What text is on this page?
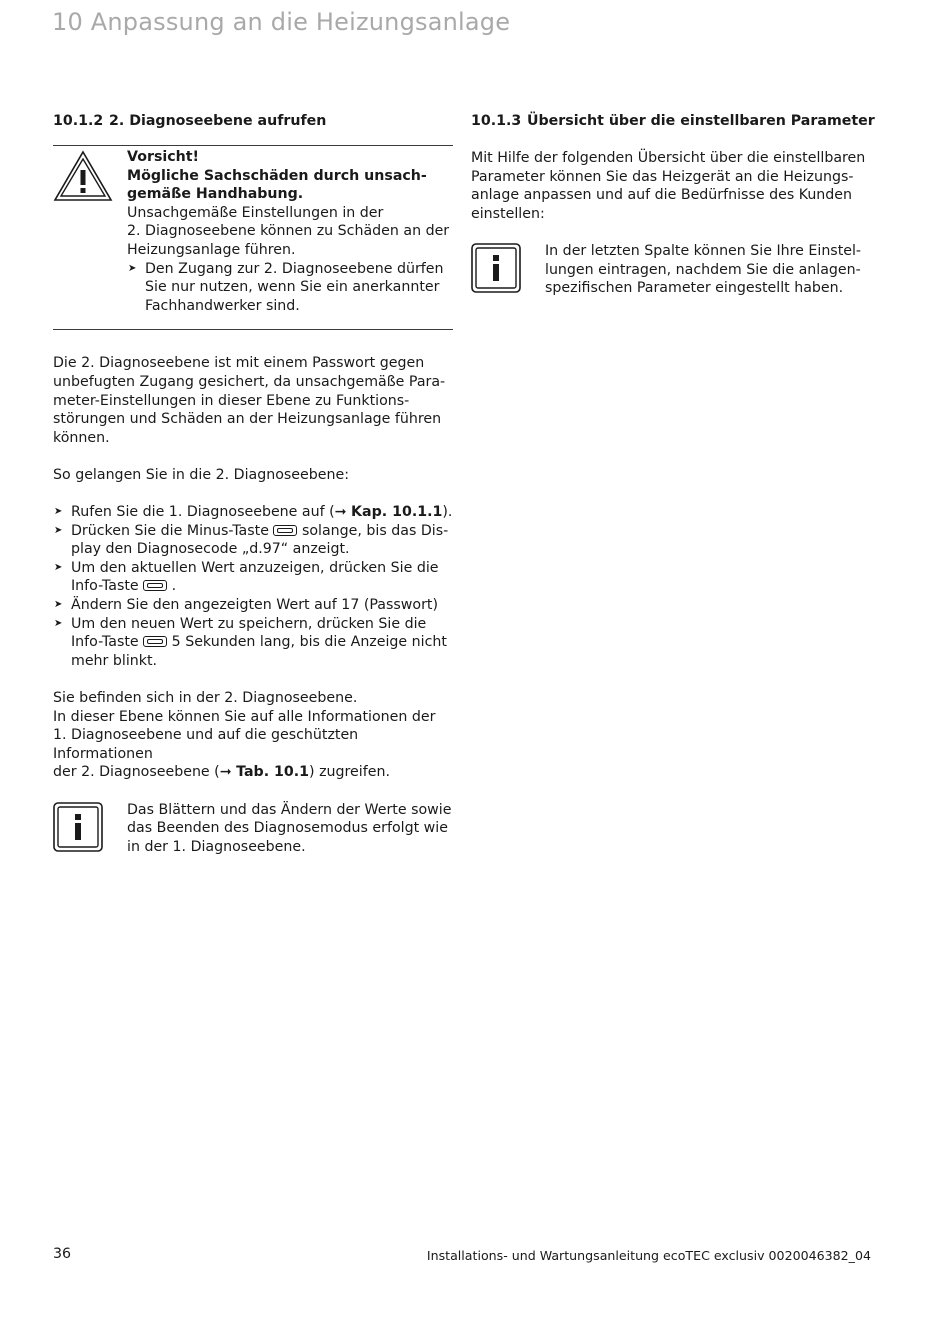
10 Anpassung an die Heizungsanlage
10.1.2 2. Diagnoseebene aufrufen

Vorsicht!

Mögliche Sachschäden durch unsach-

gemäße Handhabung.

Unsachgemäße Einstellungen in der

2. Diagnoseebene können zu Schäden an der

Heizungsanlage führen.

➤ Den Zugang zur 2. Diagnoseebene dürfen
Sie nur nutzen, wenn Sie ein anerkannter
Fachhandwerker sind.

Die 2. Diagnoseebene ist mit einem Passwort gegen

unbefugten Zugang gesichert, da unsachgemäße Para-

meter-Einstellungen in dieser Ebene zu Funktions-

störungen und Schäden an der Heizungsanlage führen

können.

So gelangen Sie in die 2. Diagnoseebene:

➤ Rufen Sie die 1. Diagnoseebene auf (➞ Kap. 10.1.1).
➤ Drücken Sie die Minus-Taste solange, bis das Dis-
play den Diagnosecode „d.97“ anzeigt.
➤ Um den aktuellen Wert anzuzeigen, drücken Sie die
Info-Taste .
➤ Ändern Sie den angezeigten Wert auf 17 (Passwort)
➤ Um den neuen Wert zu speichern, drücken Sie die
Info-Taste 5 Sekunden lang, bis die Anzeige nicht
mehr blinkt.

Sie befinden sich in der 2. Diagnoseebene.

In dieser Ebene können Sie auf alle Informationen der

1. Diagnoseebene und auf die geschützten Informationen

der 2. Diagnoseebene (➞ Tab. 10.1) zugreifen.

Das Blättern und das Ändern der Werte sowie

das Beenden des Diagnosemodus erfolgt wie

in der 1. Diagnoseebene.

10.1.3 Übersicht über die einstellbaren Parameter

Mit Hilfe der folgenden Übersicht über die einstellbaren

Parameter können Sie das Heizgerät an die Heizungs-

anlage anpassen und auf die Bedürfnisse des Kunden

einstellen:

In der letzten Spalte können Sie Ihre Einstel-

lungen eintragen, nachdem Sie die anlagen-

spezifischen Parameter eingestellt haben.

36	Installations- und Wartungsanleitung ecoTEC exclusiv 0020046382_04
